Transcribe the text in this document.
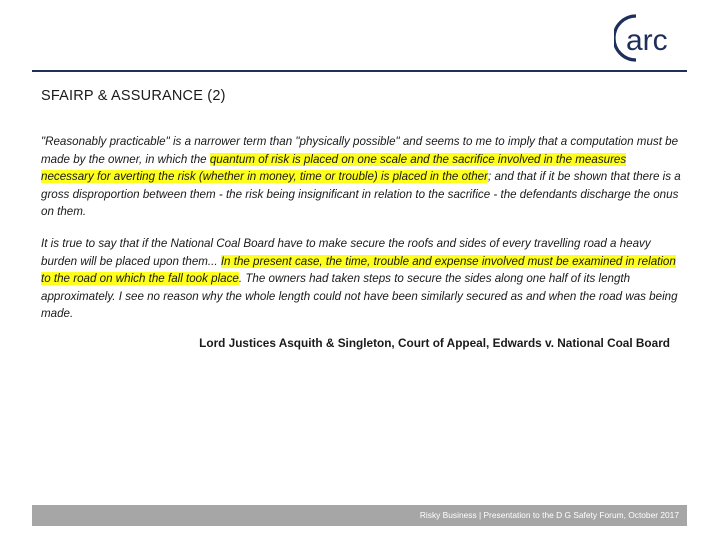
arc
SFAIRP & ASSURANCE (2)

"Reasonably practicable" is a narrower term than "physically possible" and seems to me to imply that a computation must be made by the owner, in which the quantum of risk is placed on one scale and the sacrifice involved in the measures necessary for averting the risk (whether in money, time or trouble) is placed in the other; and that if it be shown that there is a gross disproportion between them - the risk being insignificant in relation to the sacrifice - the defendants discharge the onus on them.

It is true to say that if the National Coal Board have to make secure the roofs and sides of every travelling road a heavy burden will be placed upon them... In the present case, the time, trouble and expense involved must be examined in relation to the road on which the fall took place. The owners had taken steps to secure the sides along one half of its length approximately. I see no reason why the whole length could not have been similarly secured as and when the road was being made.

Lord Justices Asquith & Singleton, Court of Appeal, Edwards v. National Coal Board
Risky Business | Presentation to the D G Safety Forum, October 2017
